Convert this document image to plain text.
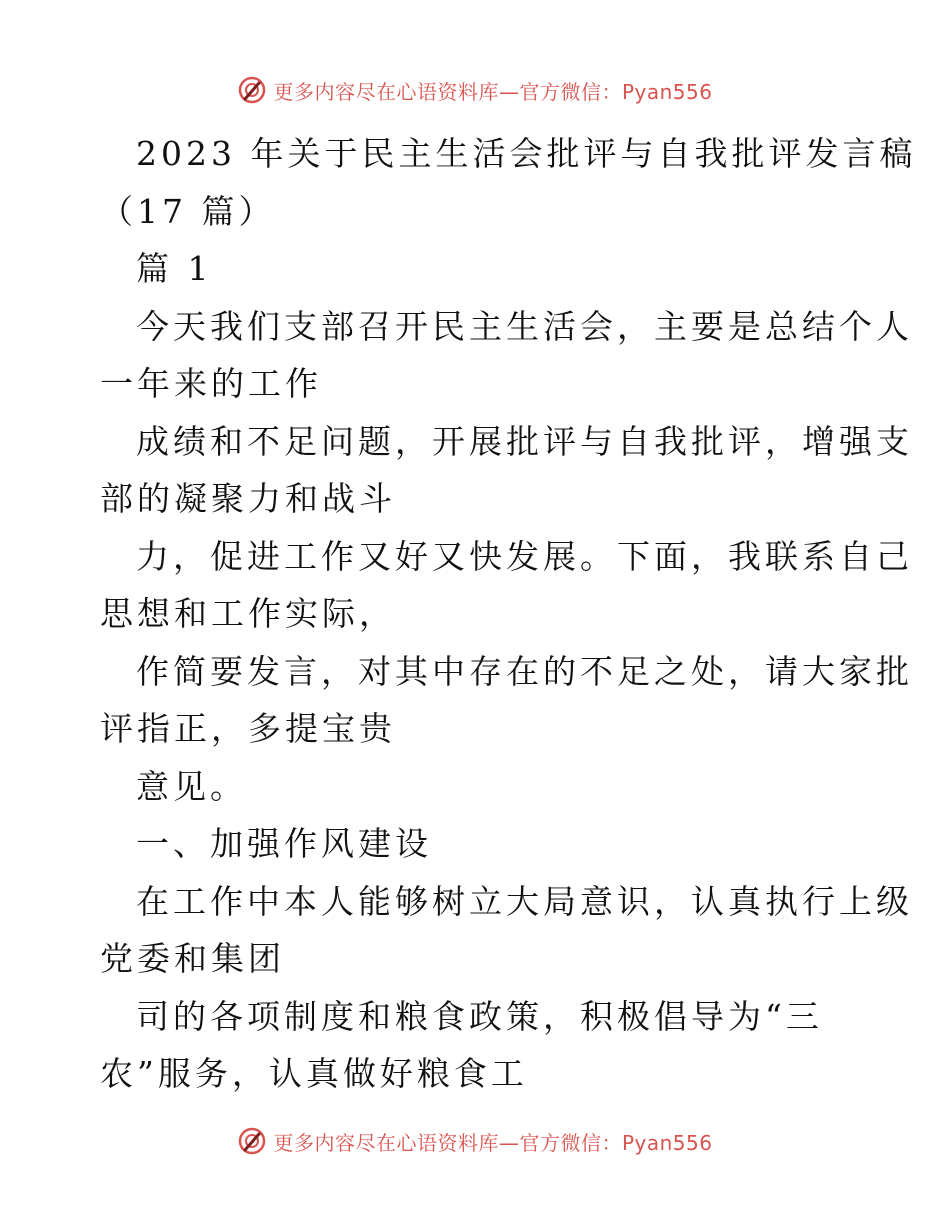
更多内容尽在心语资料库—官方微信：Pyan556
2023 年关于民主生活会批评与自我批评发言稿
（17 篇）
篇 1
今天我们支部召开民主生活会，主要是总结个人
一年来的工作
成绩和不足问题，开展批评与自我批评，增强支
部的凝聚力和战斗
力，促进工作又好又快发展。下面，我联系自己
思想和工作实际，
作简要发言，对其中存在的不足之处，请大家批
评指正，多提宝贵
意见。
一、加强作风建设
在工作中本人能够树立大局意识，认真执行上级
党委和集团
司的各项制度和粮食政策，积极倡导为“三
农”服务，认真做好粮食工
更多内容尽在心语资料库—官方微信：Pyan556
